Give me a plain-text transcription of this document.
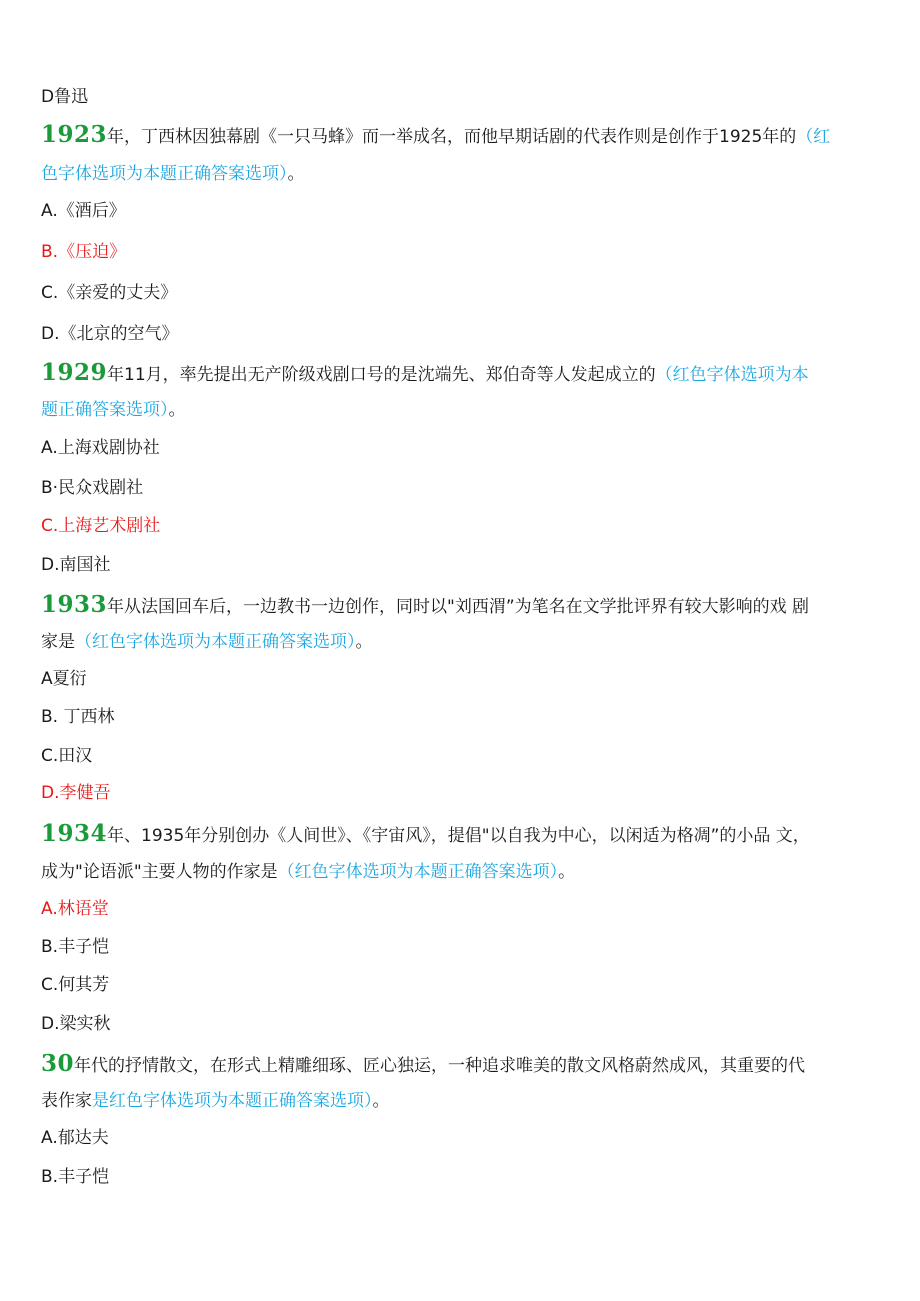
D鲁迅
1923年，丁西林因独幕剧《一只马蜂》而一举成名，而他早期话剧的代表作则是创作于1925年的（红
色字体选项为本题正确答案选项）。
A.《酒后》
B.《压迫》
C.《亲爱的丈夫》
D.《北京的空气》
1929年11月，率先提出无产阶级戏剧口号的是沈端先、郑伯奇等人发起成立的（红色字体选项为本
题正确答案选项）。
A.上海戏剧协社
B·民众戏剧社
C.上海艺术剧社
D.南国社
1933年从法国回车后，一边教书一边创作，同时以"刘西渭”为笔名在文学批评界有较大影响的戏 剧
家是（红色字体选项为本题正确答案选项）。
A夏衍
B. 丁西林
C.田汉
D.李健吾
1934年、1935年分别创办《人间世》、《宇宙风》，提倡"以自我为中心，以闲适为格凋”的小品 文，
成为"论语派"主要人物的作家是（红色字体选项为本题正确答案选项）。
A.林语堂
B.丰子恺
C.何其芳
D.梁实秋
30年代的抒情散文，在形式上精雕细琢、匠心独运，一种追求唯美的散文风格蔚然成风，其重要的代
表作家是红色字体选项为本题正确答案选项）。
A.郁达夫
B.丰子恺
